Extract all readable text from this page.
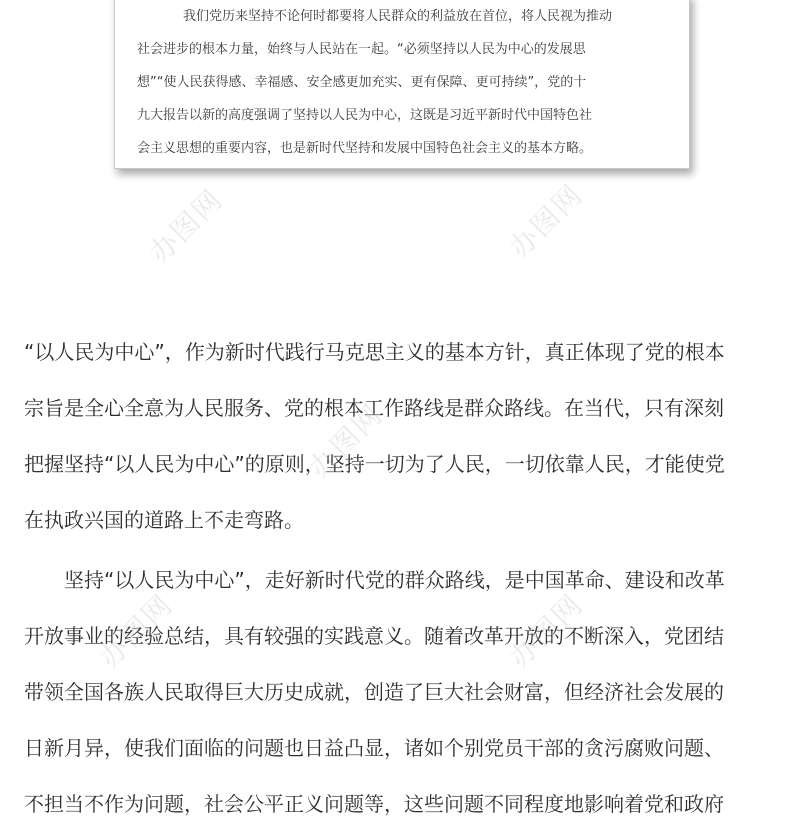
我们党历来坚持不论何时都要将人民群众的利益放在首位，将人民视为推动
社会进步的根本力量，始终与人民站在一起。“必须坚持以人民为中心的发展思
想”“使人民获得感、幸福感、安全感更加充实、更有保障、更可持续”，党的十
九大报告以新的高度强调了坚持以人民为中心，这既是习近平新时代中国特色社
会主义思想的重要内容，也是新时代坚持和发展中国特色社会主义的基本方略。
“以人民为中心”，作为新时代践行马克思主义的基本方针，真正体现了党的根本
宗旨是全心全意为人民服务、党的根本工作路线是群众路线。在当代，只有深刻
把握坚持“以人民为中心”的原则，坚持一切为了人民，一切依靠人民，才能使党
在执政兴国的道路上不走弯路。
坚持“以人民为中心”，走好新时代党的群众路线，是中国革命、建设和改革
开放事业的经验总结，具有较强的实践意义。随着改革开放的不断深入，党团结
带领全国各族人民取得巨大历史成就，创造了巨大社会财富，但经济社会发展的
日新月异，使我们面临的问题也日益凸显，诸如个别党员干部的贪污腐败问题、
不担当不作为问题，社会公平正义问题等，这些问题不同程度地影响着党和政府
办图网	办图网
办图网
办图网	办图网
